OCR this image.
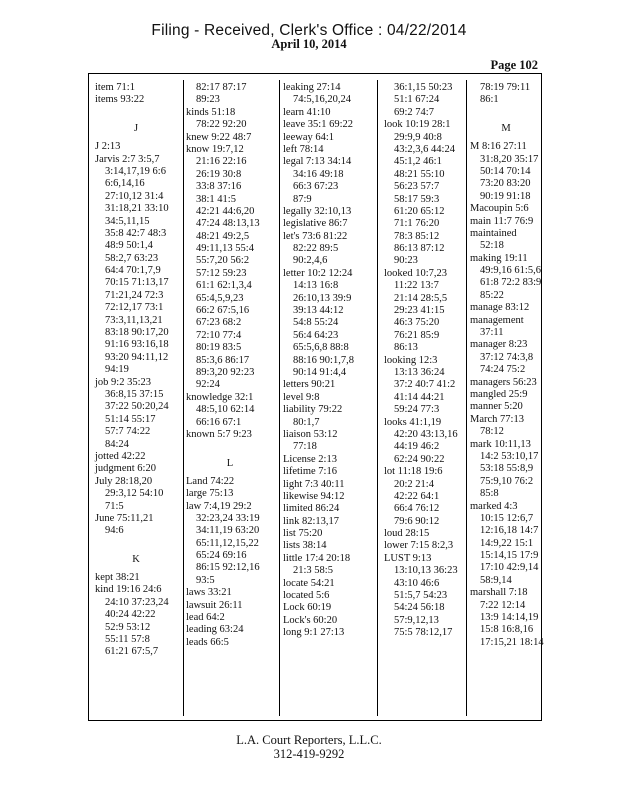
Filing - Received, Clerk's Office : 04/22/2014
April 10, 2014
Page 102
item 71:1
items 93:22
J
J 2:13
Jarvis 2:7 3:5,7
3:14,17,19 6:6
6:6,14,16
27:10,12 31:4
31:18,21 33:10
34:5,11,15
35:8 42:7 48:3
48:9 50:1,4
58:2,7 63:23
64:4 70:1,7,9
70:15 71:13,17
71:21,24 72:3
72:12,17 73:1
73:3,11,13,21
83:18 90:17,20
91:16 93:16,18
93:20 94:11,12
94:19
job 9:2 35:23
36:8,15 37:15
37:22 50:20,24
51:14 55:17
57:7 74:22
84:24
jotted 42:22
judgment 6:20
July 28:18,20
29:3,12 54:10
71:5
June 75:11,21
94:6
K
kept 38:21
kind 19:16 24:6
24:10 37:23,24
40:24 42:22
52:9 53:12
55:11 57:8
61:21 67:5,7
82:17 87:17
89:23
kinds 51:18
78:22 92:20
knew 9:22 48:7
know 19:7,12
21:16 22:16
26:19 30:8
33:8 37:16
38:1 41:5
42:21 44:6,20
47:24 48:13,13
48:21 49:2,5
49:11,13 55:4
55:7,20 56:2
57:12 59:23
61:1 62:1,3,4
65:4,5,9,23
66:2 67:5,16
67:23 68:2
72:10 77:4
80:19 83:5
85:3,6 86:17
89:3,20 92:23
92:24
knowledge 32:1
48:5,10 62:14
66:16 67:1
known 5:7 9:23
L
Land 74:22
large 75:13
law 7:4,19 29:2
32:23,24 33:19
34:11,19 63:20
65:11,12,15,22
65:24 69:16
86:15 92:12,16
93:5
laws 33:21
lawsuit 26:11
lead 64:2
leading 63:24
leads 66:5
leaking 27:14
74:5,16,20,24
learn 41:10
leave 35:1 69:22
leeway 64:1
left 78:14
legal 7:13 34:14
34:16 49:18
66:3 67:23
87:9
legally 32:10,13
legislative 86:7
let's 73:6 81:22
82:22 89:5
90:2,4,6
letter 10:2 12:24
14:13 16:8
26:10,13 39:9
39:13 44:12
54:8 55:24
56:4 64:23
65:5,6,8 88:8
88:16 90:1,7,8
90:14 91:4,4
letters 90:21
level 9:8
liability 79:22
80:1,7
liaison 53:12
77:18
License 2:13
lifetime 7:16
light 7:3 40:11
likewise 94:12
limited 86:24
link 82:13,17
list 75:20
lists 38:14
little 17:4 20:18
21:3 58:5
locate 54:21
located 5:6
Lock 60:19
Lock's 60:20
long 9:1 27:13
36:1,15 50:23
51:1 67:24
69:2 74:7
look 10:19 28:1
29:9,9 40:8
43:2,3,6 44:24
45:1,2 46:1
48:21 55:10
56:23 57:7
58:17 59:3
61:20 65:12
71:1 76:20
78:3 85:12
86:13 87:12
90:23
looked 10:7,23
11:22 13:7
21:14 28:5,5
29:23 41:15
46:3 75:20
76:21 85:9
86:13
looking 12:3
13:13 36:24
37:2 40:7 41:2
41:14 44:21
59:24 77:3
looks 41:1,19
42:20 43:13,16
44:19 46:2
62:24 90:22
lot 11:18 19:6
20:2 21:4
42:22 64:1
66:4 76:12
79:6 90:12
loud 28:15
lower 7:15 8:2,3
LUST 9:13
13:10,13 36:23
43:10 46:6
51:5,7 54:23
54:24 56:18
57:9,12,13
75:5 78:12,17
78:19 79:11
86:1
M
M 8:16 27:11
31:8,20 35:17
50:14 70:14
73:20 83:20
90:19 91:18
Macoupin 5:6
main 11:7 76:9
maintained
52:18
making 19:11
49:9,16 61:5,6
61:8 72:2 83:9
85:22
manage 83:12
management
37:11
manager 8:23
37:12 74:3,8
74:24 75:2
managers 56:23
mangled 25:9
manner 5:20
March 77:13
78:12
mark 10:11,13
14:2 53:10,17
53:18 55:8,9
75:9,10 76:2
85:8
marked 4:3
10:15 12:6,7
12:16,18 14:7
14:9,22 15:1
15:14,15 17:9
17:10 42:9,14
58:9,14
marshall 7:18
7:22 12:14
13:9 14:14,19
15:8 16:8,16
17:15,21 18:14
L.A. Court Reporters, L.L.C.
312-419-9292
